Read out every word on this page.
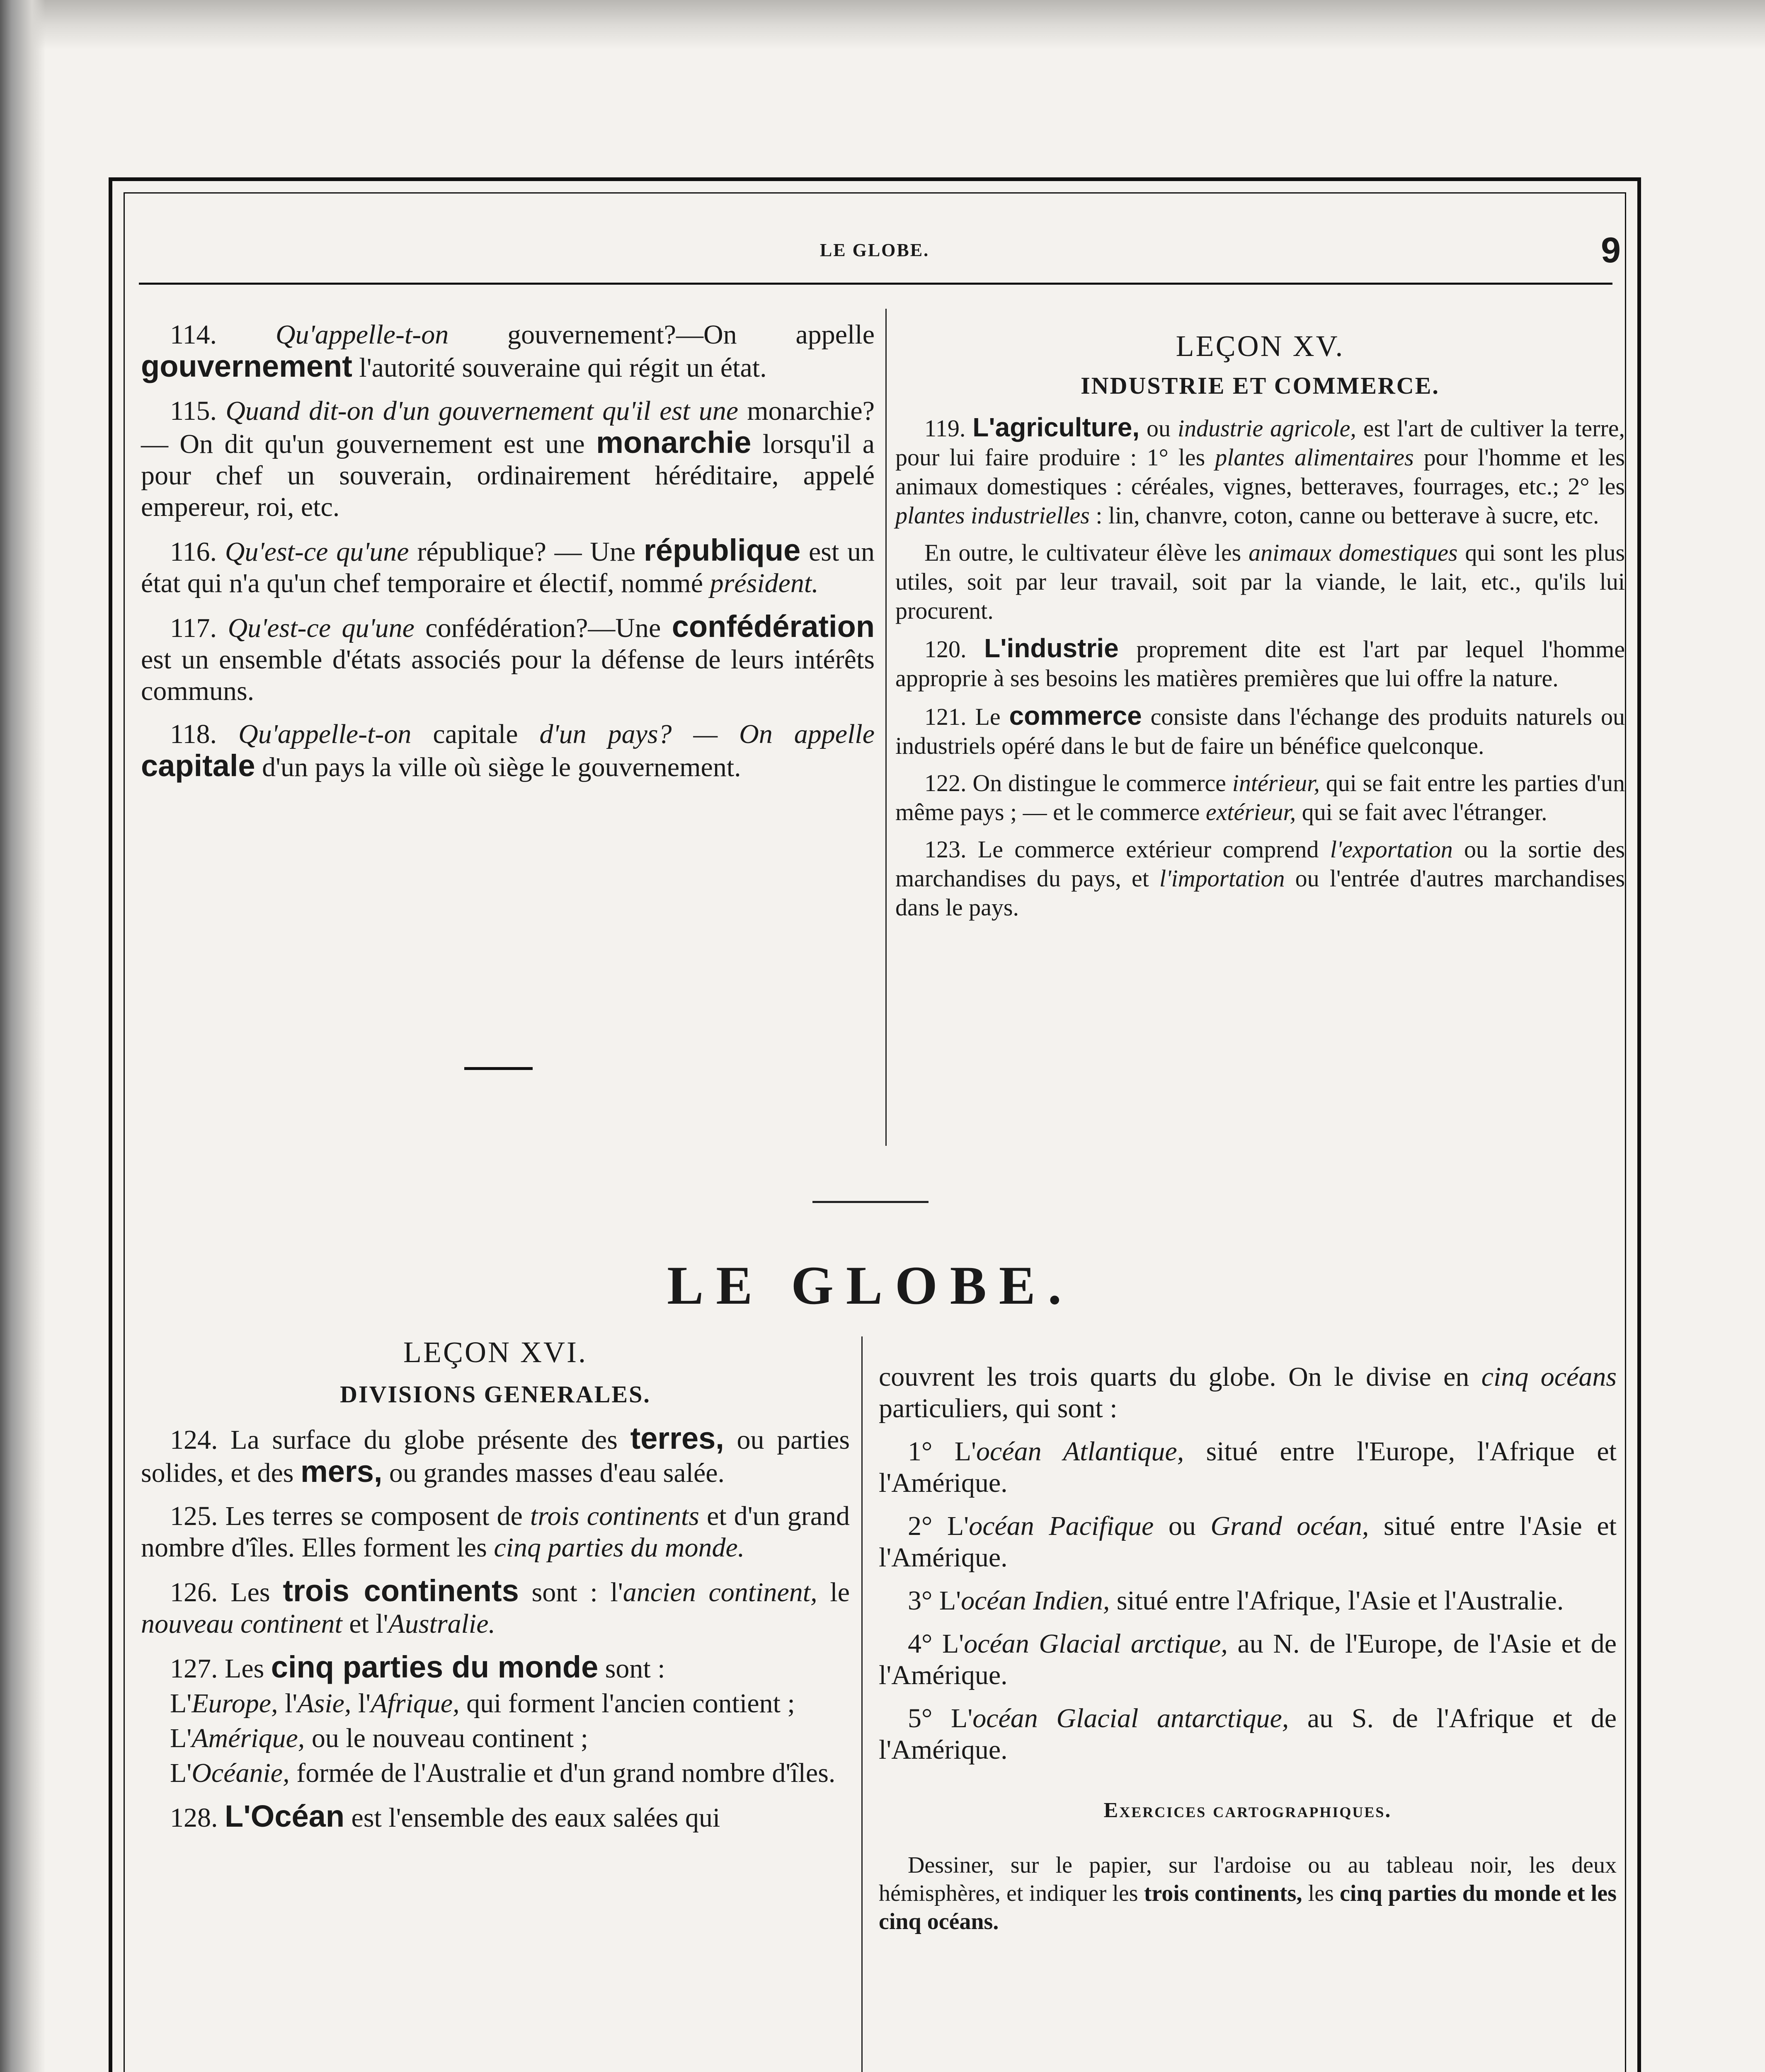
LE GLOBE.	9

114. Qu'appelle-t-on gouvernement?—On appelle gouvernement l'autorité souveraine qui régit un état.

115. Quand dit-on d'un gouvernement qu'il est une monarchie? — On dit qu'un gouvernement est une monarchie lorsqu'il a pour chef un souverain, ordinairement héréditaire, appelé empereur, roi, etc.

116. Qu'est-ce qu'une république? — Une république est un état qui n'a qu'un chef temporaire et électif, nommé président.

117. Qu'est-ce qu'une confédération?—Une confédération est un ensemble d'états associés pour la défense de leurs intérêts communs.

118. Qu'appelle-t-on capitale d'un pays? — On appelle capitale d'un pays la ville où siège le gouvernement.

LEÇON XV.
INDUSTRIE ET COMMERCE.

119. L'agriculture, ou industrie agricole, est l'art de cultiver la terre, pour lui faire produire : 1° les plantes alimentaires pour l'homme et les animaux domestiques : céréales, vignes, betteraves, fourrages, etc.; 2° les plantes industrielles : lin, chanvre, coton, canne ou betterave à sucre, etc.

En outre, le cultivateur élève les animaux domestiques qui sont les plus utiles, soit par leur travail, soit par la viande, le lait, etc., qu'ils lui procurent.

120. L'industrie proprement dite est l'art par lequel l'homme approprie à ses besoins les matières premières que lui offre la nature.

121. Le commerce consiste dans l'échange des produits naturels ou industriels opéré dans le but de faire un bénéfice quelconque.

122. On distingue le commerce intérieur, qui se fait entre les parties d'un même pays ; — et le commerce extérieur, qui se fait avec l'étranger.

123. Le commerce extérieur comprend l'exportation ou la sortie des marchandises du pays, et l'importation ou l'entrée d'autres marchandises dans le pays.

LE GLOBE.
LEÇON XVI.
DIVISIONS GENERALES.

124. La surface du globe présente des terres, ou parties solides, et des mers, ou grandes masses d'eau salée.

125. Les terres se composent de trois continents et d'un grand nombre d'îles. Elles forment les cinq parties du monde.

126. Les trois continents sont : l'ancien continent, le nouveau continent et l'Australie.

127. Les cinq parties du monde sont :

L'Europe, l'Asie, l'Afrique, qui forment l'ancien contient ;

L'Amérique, ou le nouveau continent ;

L'Océanie, formée de l'Australie et d'un grand nombre d'îles.

128. L'Océan est l'ensemble des eaux salées qui

couvrent les trois quarts du globe. On le divise en cinq océans particuliers, qui sont :

1° L'océan Atlantique, situé entre l'Europe, l'Afrique et l'Amérique.

2° L'océan Pacifique ou Grand océan, situé entre l'Asie et l'Amérique.

3° L'océan Indien, situé entre l'Afrique, l'Asie et l'Australie.

4° L'océan Glacial arctique, au N. de l'Europe, de l'Asie et de l'Amérique.

5° L'océan Glacial antarctique, au S. de l'Afrique et de l'Amérique.

Exercices cartographiques.

Dessiner, sur le papier, sur l'ardoise ou au tableau noir, les deux hémisphères, et indiquer les trois continents, les cinq parties du monde et les cinq océans.
